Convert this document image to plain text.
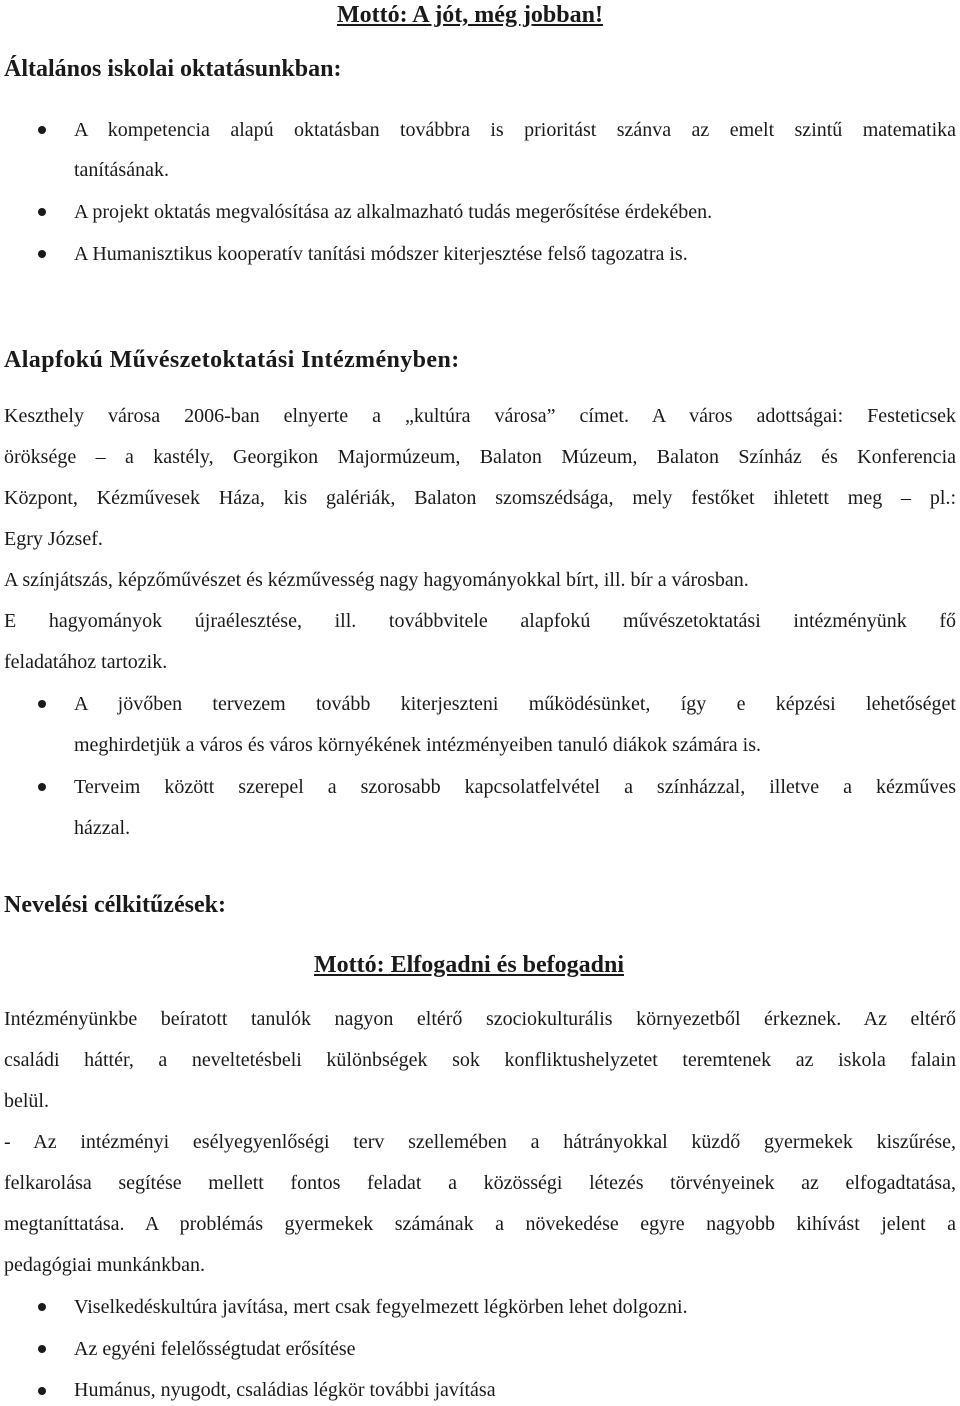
Mottó: A jót, még jobban!
Általános iskolai oktatásunkban:
A kompetencia alapú oktatásban továbbra is prioritást szánva az emelt szintű matematika
tanításának.
A projekt oktatás megvalósítása az alkalmazható tudás megerősítése érdekében.
A Humanisztikus kooperatív tanítási módszer kiterjesztése felső tagozatra is.
Alapfokú Művészetoktatási Intézményben:
Keszthely városa 2006-ban elnyerte a „kultúra városa” címet. A város adottságai: Festeticsek
öröksége – a kastély, Georgikon Majormúzeum, Balaton Múzeum, Balaton Színház és Konferencia
Központ, Kézművesek Háza, kis galériák, Balaton szomszédsága, mely festőket ihletett meg – pl.:
Egry József.
A színjátszás, képzőművészet és kézművesség nagy hagyományokkal bírt, ill. bír a városban.
E hagyományok újraélesztése, ill. továbbvitele alapfokú művészetoktatási intézményünk fő
feladatához tartozik.
A jövőben tervezem tovább kiterjeszteni működésünket, így e képzési lehetőséget
meghirdetjük a város és város környékének intézményeiben tanuló diákok számára is.
Terveim között szerepel a szorosabb kapcsolatfelvétel a színházzal, illetve a kézműves
házzal.
Nevelési célkitűzések:
Mottó: Elfogadni és befogadni
Intézményünkbe beíratott tanulók nagyon eltérő szociokulturális környezetből érkeznek. Az eltérő
családi háttér, a neveltetésbeli különbségek sok konfliktushelyzetet teremtenek az iskola falain
belül.
- Az intézményi esélyegyenlőségi terv szellemében a hátrányokkal küzdő gyermekek kiszűrése,
felkarolása segítése mellett fontos feladat a közösségi létezés törvényeinek az elfogadtatása,
megtaníttatása. A problémás gyermekek számának a növekedése egyre nagyobb kihívást jelent a
pedagógiai munkánkban.
Viselkedéskultúra javítása, mert csak fegyelmezett légkörben lehet dolgozni.
Az egyéni felelősségtudat erősítése
Humánus, nyugodt, családias légkör további javítása
